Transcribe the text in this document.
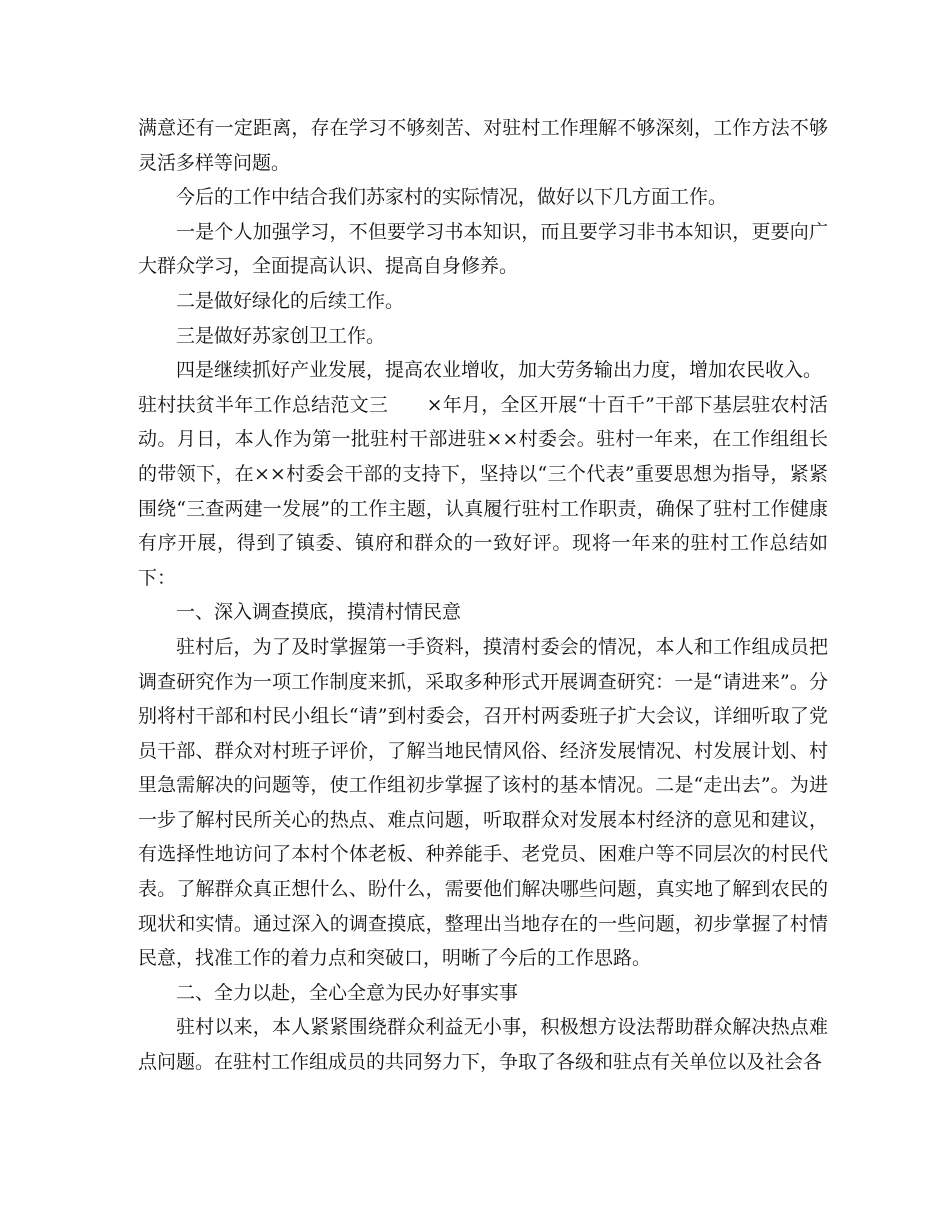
满意还有一定距离，存在学习不够刻苦、对驻村工作理解不够深刻，工作方法不够灵活多样等问题。

今后的工作中结合我们苏家村的实际情况，做好以下几方面工作。

一是个人加强学习，不但要学习书本知识，而且要学习非书本知识，更要向广大群众学习，全面提高认识、提高自身修养。

二是做好绿化的后续工作。

三是做好苏家创卫工作。

四是继续抓好产业发展，提高农业增收，加大劳务输出力度，增加农民收入。

驻村扶贫半年工作总结范文三　　×年月，全区开展“十百千”干部下基层驻农村活动。月日，本人作为第一批驻村干部进驻××村委会。驻村一年来，在工作组组长的带领下，在××村委会干部的支持下，坚持以“三个代表”重要思想为指导，紧紧围绕“三查两建一发展”的工作主题，认真履行驻村工作职责，确保了驻村工作健康有序开展，得到了镇委、镇府和群众的一致好评。现将一年来的驻村工作总结如下：

一、深入调查摸底，摸清村情民意

驻村后，为了及时掌握第一手资料，摸清村委会的情况，本人和工作组成员把调查研究作为一项工作制度来抓，采取多种形式开展调查研究：一是“请进来”。分别将村干部和村民小组长“请”到村委会，召开村两委班子扩大会议，详细听取了党员干部、群众对村班子评价，了解当地民情风俗、经济发展情况、村发展计划、村里急需解决的问题等，使工作组初步掌握了该村的基本情况。二是“走出去”。为进一步了解村民所关心的热点、难点问题，听取群众对发展本村经济的意见和建议，有选择性地访问了本村个体老板、种养能手、老党员、困难户等不同层次的村民代表。了解群众真正想什么、盼什么，需要他们解决哪些问题，真实地了解到农民的现状和实情。通过深入的调查摸底，整理出当地存在的一些问题，初步掌握了村情民意，找准工作的着力点和突破口，明晰了今后的工作思路。

二、全力以赴，全心全意为民办好事实事

驻村以来，本人紧紧围绕群众利益无小事，积极想方设法帮助群众解决热点难点问题。在驻村工作组成员的共同努力下，争取了各级和驻点有关单位以及社会各
